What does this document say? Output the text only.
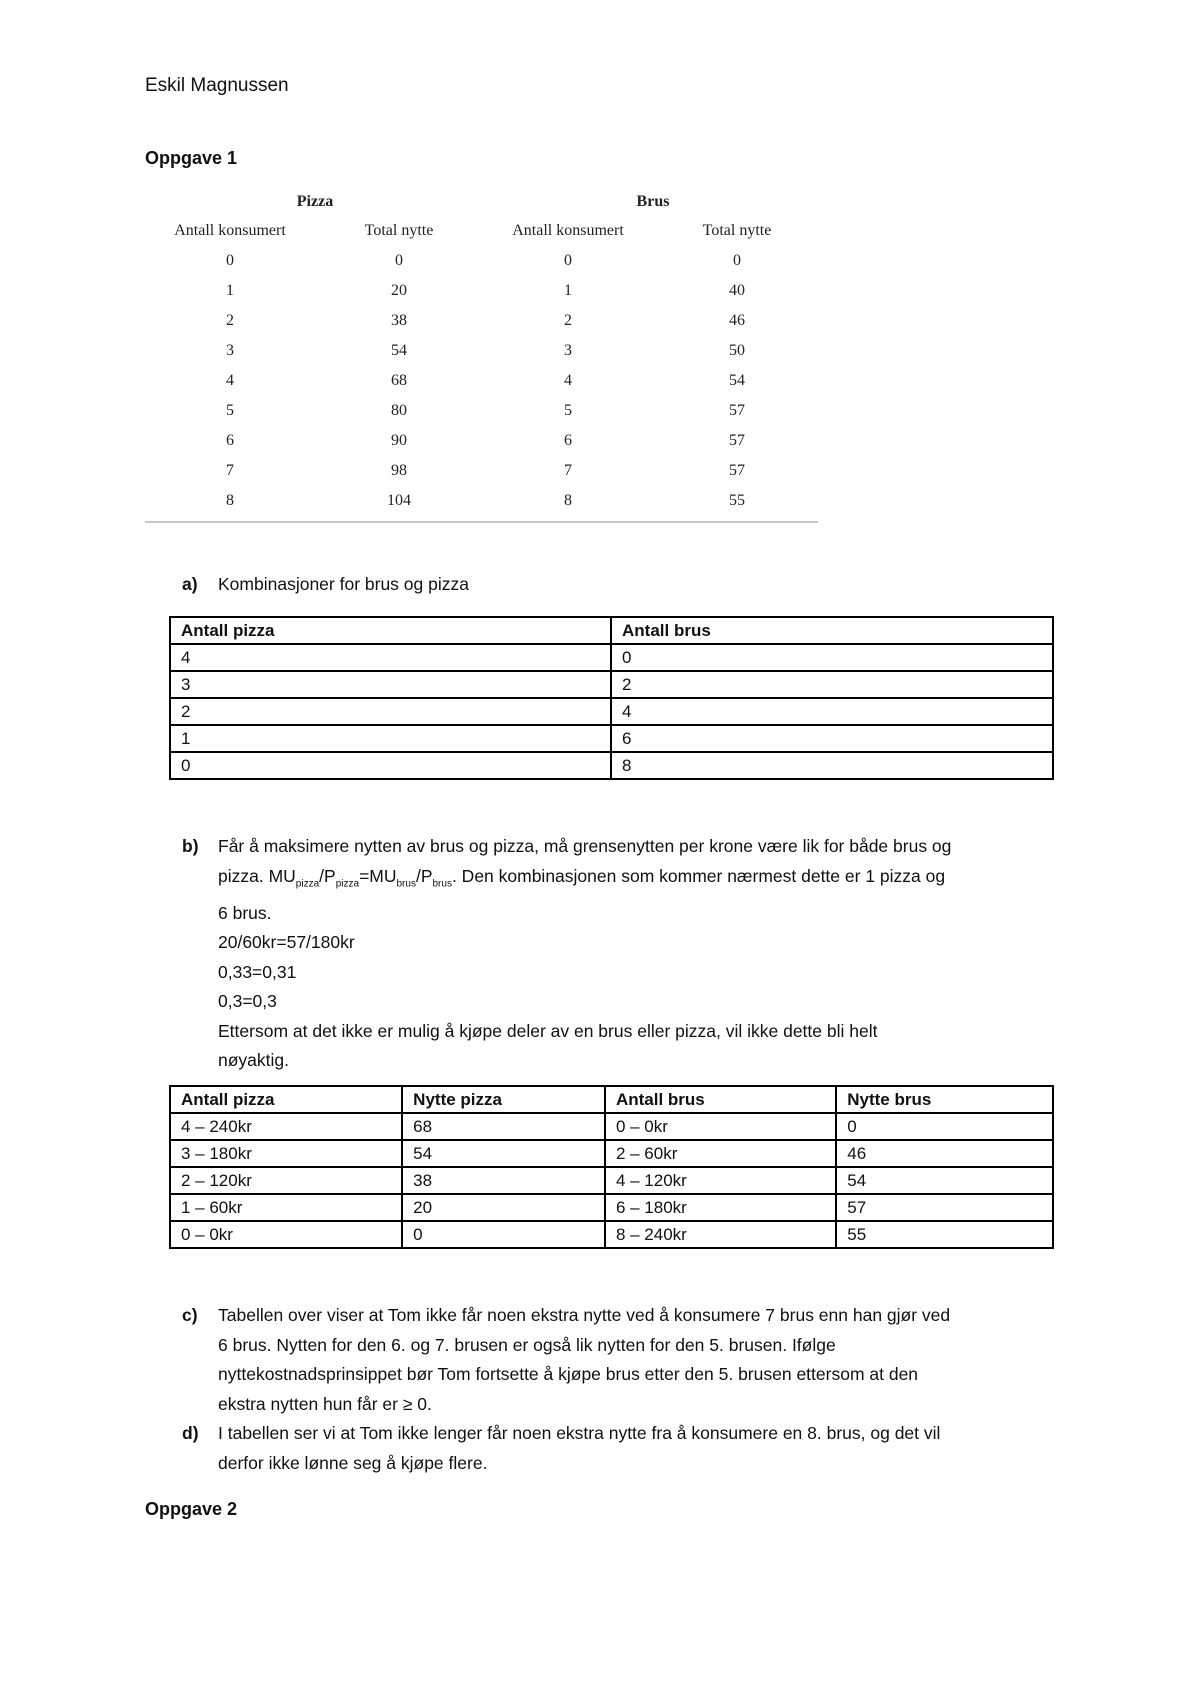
Eskil Magnussen
Oppgave 1
Pizza	Brus
Antall konsumert	Total nytte	Antall konsumert	Total nytte
0	0	0	0
1	20	1	40
2	38	2	46
3	54	3	50
4	68	4	54
5	80	5	57
6	90	6	57
7	98	7	57
8	104	8	55
a) Kombinasjoner for brus og pizza
Antall pizza	Antall brus
4	0
3	2
2	4
1	6
0	8
b) Får å maksimere nytten av brus og pizza, må grensenytten per krone være lik for både brus og
pizza. $MU_{pizza}/P_{pizza}=MU_{brus}/P_{brus}$. Den kombinasjonen som kommer nærmest dette er 1 pizza og
6 brus.
20/60kr=57/180kr
0,33=0,31
0,3=0,3
Ettersom at det ikke er mulig å kjøpe deler av en brus eller pizza, vil ikke dette bli helt
nøyaktig.
Antall pizza	Nytte pizza	Antall brus	Nytte brus
4 – 240kr	68	0 – 0kr	0
3 – 180kr	54	2 – 60kr	46
2 – 120kr	38	4 – 120kr	54
1 – 60kr	20	6 – 180kr	57
0 – 0kr	0	8 – 240kr	55
c) Tabellen over viser at Tom ikke får noen ekstra nytte ved å konsumere 7 brus enn han gjør ved
6 brus. Nytten for den 6. og 7. brusen er også lik nytten for den 5. brusen. Ifølge
nyttekostnadsprinsippet bør Tom fortsette å kjøpe brus etter den 5. brusen ettersom at den
ekstra nytten hun får er ≥ 0.
d) I tabellen ser vi at Tom ikke lenger får noen ekstra nytte fra å konsumere en 8. brus, og det vil
derfor ikke lønne seg å kjøpe flere.
Oppgave 2
